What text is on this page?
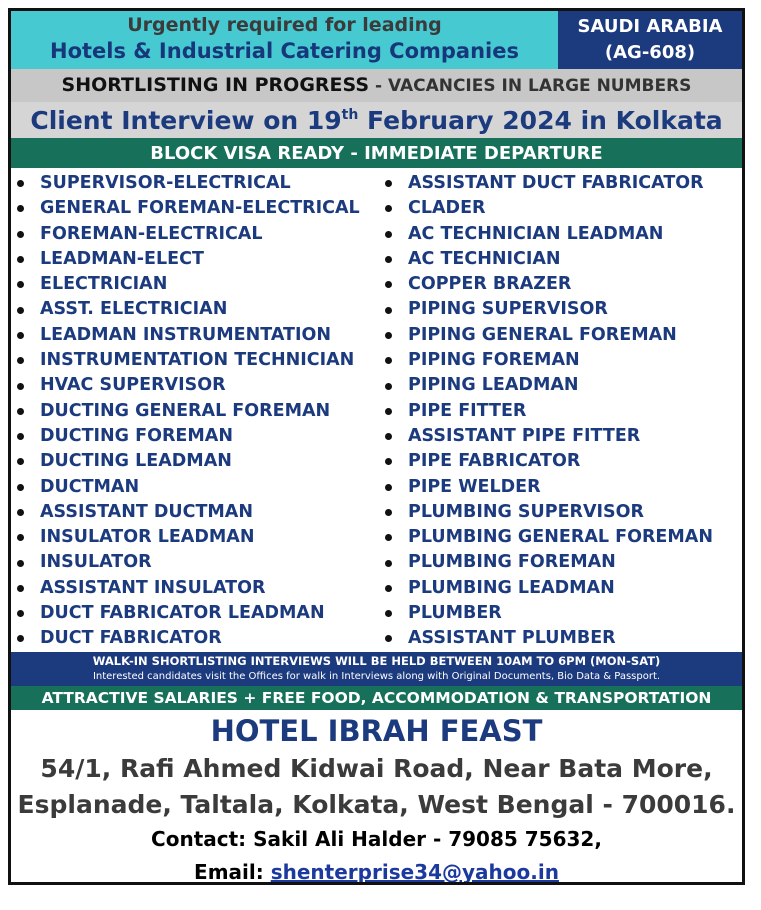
Urgently required for leading
Hotels & Industrial Catering Companies
SAUDI ARABIA
(AG-608)
SHORTLISTING IN PROGRESS - VACANCIES IN LARGE NUMBERS
Client Interview on 19th February 2024 in Kolkata
BLOCK VISA READY - IMMEDIATE DEPARTURE
SUPERVISOR-ELECTRICAL
GENERAL FOREMAN-ELECTRICAL
FOREMAN-ELECTRICAL
LEADMAN-ELECT
ELECTRICIAN
ASST. ELECTRICIAN
LEADMAN INSTRUMENTATION
INSTRUMENTATION TECHNICIAN
HVAC SUPERVISOR
DUCTING GENERAL FOREMAN
DUCTING FOREMAN
DUCTING LEADMAN
DUCTMAN
ASSISTANT DUCTMAN
INSULATOR LEADMAN
INSULATOR
ASSISTANT INSULATOR
DUCT FABRICATOR LEADMAN
DUCT FABRICATOR
ASSISTANT DUCT FABRICATOR
CLADER
AC TECHNICIAN LEADMAN
AC TECHNICIAN
COPPER BRAZER
PIPING SUPERVISOR
PIPING GENERAL FOREMAN
PIPING FOREMAN
PIPING LEADMAN
PIPE FITTER
ASSISTANT PIPE FITTER
PIPE FABRICATOR
PIPE WELDER
PLUMBING SUPERVISOR
PLUMBING GENERAL FOREMAN
PLUMBING FOREMAN
PLUMBING LEADMAN
PLUMBER
ASSISTANT PLUMBER
WALK-IN SHORTLISTING INTERVIEWS WILL BE HELD BETWEEN 10AM TO 6PM (MON-SAT)
Interested candidates visit the Offices for walk in Interviews along with Original Documents, Bio Data & Passport.
ATTRACTIVE SALARIES + FREE FOOD, ACCOMMODATION & TRANSPORTATION
HOTEL IBRAH FEAST
54/1, Rafi Ahmed Kidwai Road, Near Bata More,
Esplanade, Taltala, Kolkata, West Bengal - 700016.
Contact: Sakil Ali Halder - 79085 75632,
Email: shenterprise34@yahoo.in
